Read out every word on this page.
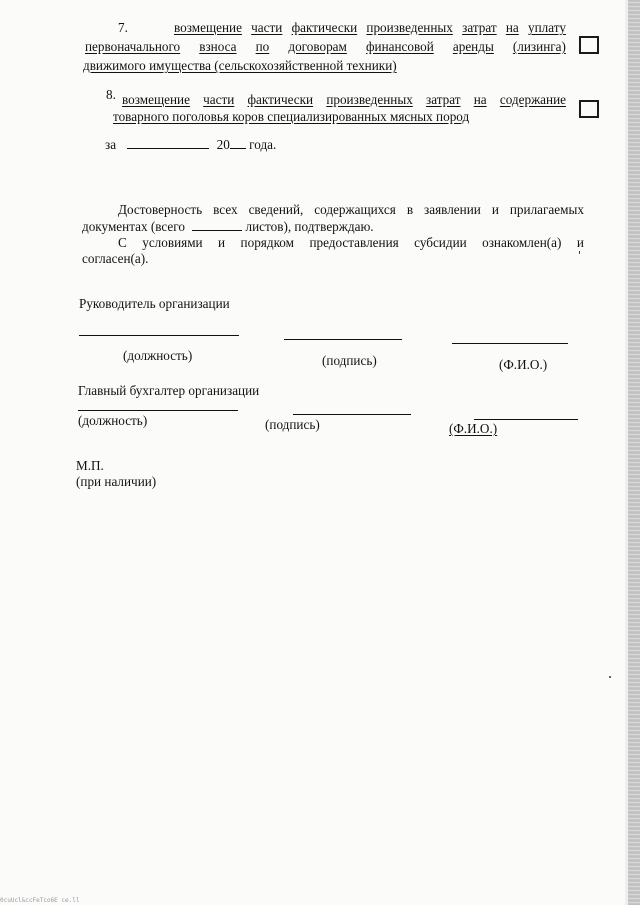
7.	возмещение части фактически произведенных затрат на уплату
первоначального взноса по договорам финансовой аренды (лизинга)
движимого имущества (сельскохозяйственной техники)
8. возмещение части фактически произведенных затрат на содержание
товарного поголовья коров специализированных мясных пород
за	20 года.
Достоверность всех сведений, содержащихся в заявлении и прилагаемых
документах (всего	листов), подтверждаю.
С условиями и порядком предоставления субсидии ознакомлен(а) и
согласен(а).
Руководитель организации
(должность)	(подпись)	(Ф.И.О.)
Главный бухгалтер организации
(должность)	(подпись)	(Ф.И.О.)
М.П.
(при наличии)
0cuUcl&ccFeTco6E ce.ll
